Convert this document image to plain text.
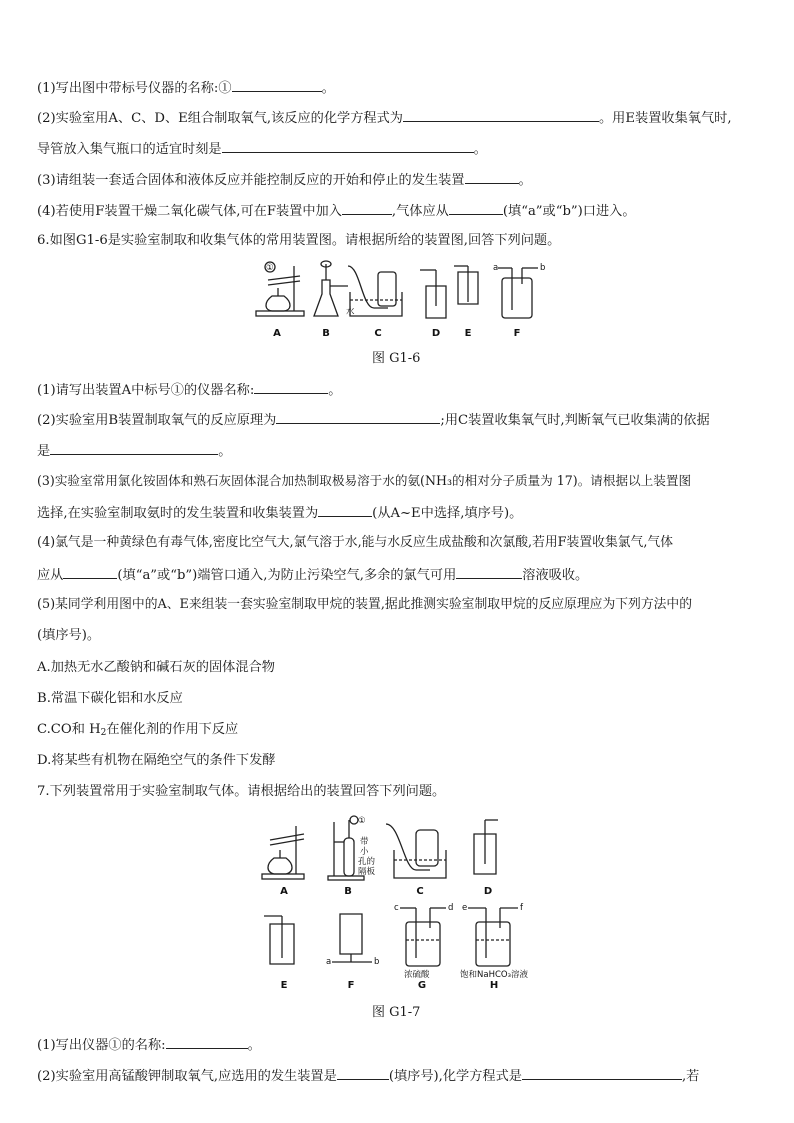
(1)写出图中带标号仪器的名称:①	。
(2)实验室用A、C、D、E组合制取氧气,该反应的化学方程式为	。用E装置收集氧气时,
导管放入集气瓶口的适宜时刻是	。
(3)请组装一套适合固体和液体反应并能控制反应的开始和停止的发生装置	。
(4)若使用F装置干燥二氧化碳气体,可在F装置中加入	,气体应从	(填“a”或“b”)口进入。
6.如图G1-6是实验室制取和收集气体的常用装置图。请根据所给的装置图,回答下列问题。
A	B	C	D E	F
水
①	a	b
图 G1-6
(1)请写出装置A中标号①的仪器名称:	。
(2)实验室用B装置制取氧气的反应原理为	;用C装置收集氧气时,判断氧气已收集满的依据
是	。
(3)实验室常用氯化铵固体和熟石灰固体混合加热制取极易溶于水的氨(NH₃的相对分子质量为 17)。请根据以上装置图
选择,在实验室制取氨时的发生装置和收集装置为	(从A~E中选择,填序号)。
(4)氯气是一种黄绿色有毒气体,密度比空气大,氯气溶于水,能与水反应生成盐酸和次氯酸,若用F装置收集氯气,气体
应从	(填“a”或“b”)端管口通入,为防止污染空气,多余的氯气可用	溶液吸收。
(5)某同学利用图中的A、E来组装一套实验室制取甲烷的装置,据此推测实验室制取甲烷的反应原理应为下列方法中的
(填序号)。
A.加热无水乙酸钠和碱石灰的固体混合物
B.常温下碳化铝和水反应
C.CO和 $H_2$在催化剂的作用下反应
D.将某些有机物在隔绝空气的条件下发酵
7.下列装置常用于实验室制取气体。请根据给出的装置回答下列问题。
A	B	C	D
E	F	G	H
①
带
小
孔的
隔板
a	b
c	d e	f
浓硫酸	饱和NaHCO₃溶液
图 G1-7
(1)写出仪器①的名称:	。
(2)实验室用高锰酸钾制取氧气,应选用的发生装置是	(填序号),化学方程式是	,若
